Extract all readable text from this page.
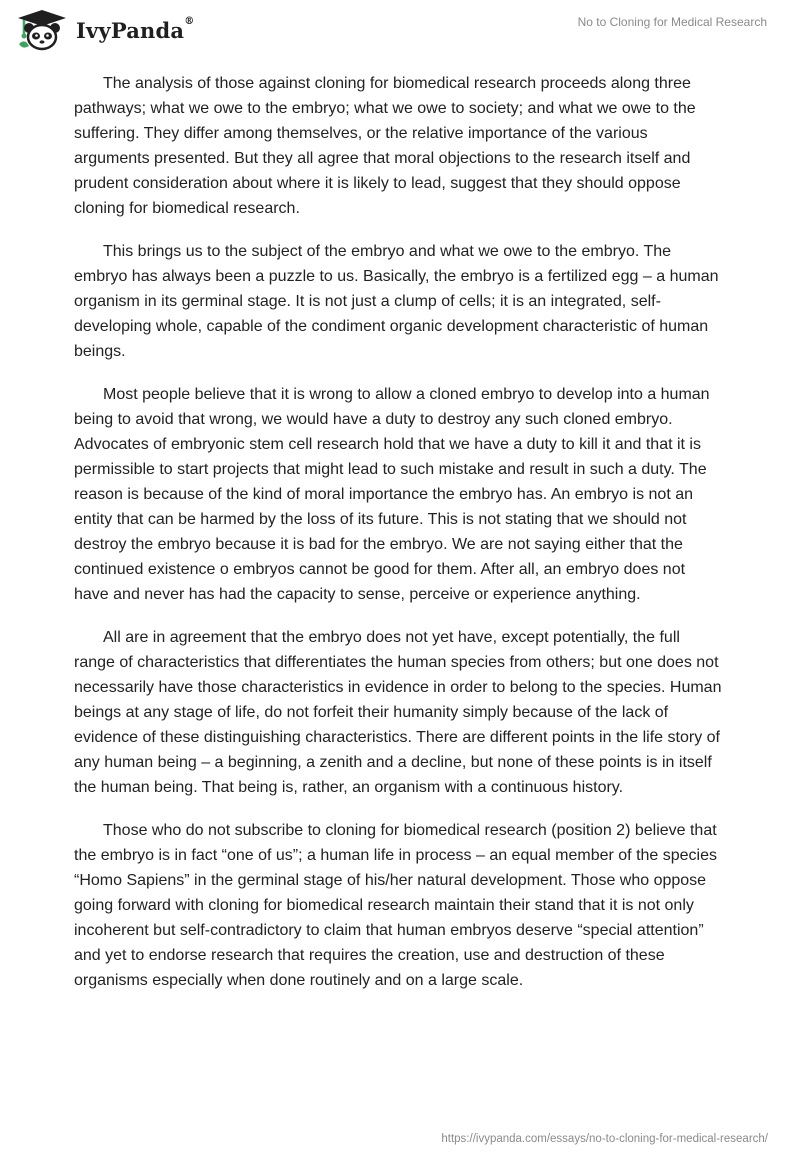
IvyPanda®	No to Cloning for Medical Research

The analysis of those against cloning for biomedical research proceeds along three pathways; what we owe to the embryo; what we owe to society; and what we owe to the suffering. They differ among themselves, or the relative importance of the various arguments presented. But they all agree that moral objections to the research itself and prudent consideration about where it is likely to lead, suggest that they should oppose cloning for biomedical research.

This brings us to the subject of the embryo and what we owe to the embryo. The embryo has always been a puzzle to us. Basically, the embryo is a fertilized egg – a human organism in its germinal stage. It is not just a clump of cells; it is an integrated, self-developing whole, capable of the condiment organic development characteristic of human beings.

Most people believe that it is wrong to allow a cloned embryo to develop into a human being to avoid that wrong, we would have a duty to destroy any such cloned embryo. Advocates of embryonic stem cell research hold that we have a duty to kill it and that it is permissible to start projects that might lead to such mistake and result in such a duty. The reason is because of the kind of moral importance the embryo has. An embryo is not an entity that can be harmed by the loss of its future. This is not stating that we should not destroy the embryo because it is bad for the embryo. We are not saying either that the continued existence o embryos cannot be good for them. After all, an embryo does not have and never has had the capacity to sense, perceive or experience anything.

All are in agreement that the embryo does not yet have, except potentially, the full range of characteristics that differentiates the human species from others; but one does not necessarily have those characteristics in evidence in order to belong to the species. Human beings at any stage of life, do not forfeit their humanity simply because of the lack of evidence of these distinguishing characteristics. There are different points in the life story of any human being – a beginning, a zenith and a decline, but none of these points is in itself the human being. That being is, rather, an organism with a continuous history.

Those who do not subscribe to cloning for biomedical research (position 2) believe that the embryo is in fact “one of us”; a human life in process – an equal member of the species “Homo Sapiens” in the germinal stage of his/her natural development. Those who oppose going forward with cloning for biomedical research maintain their stand that it is not only incoherent but self-contradictory to claim that human embryos deserve “special attention” and yet to endorse research that requires the creation, use and destruction of these organisms especially when done routinely and on a large scale.

https://ivypanda.com/essays/no-to-cloning-for-medical-research/
